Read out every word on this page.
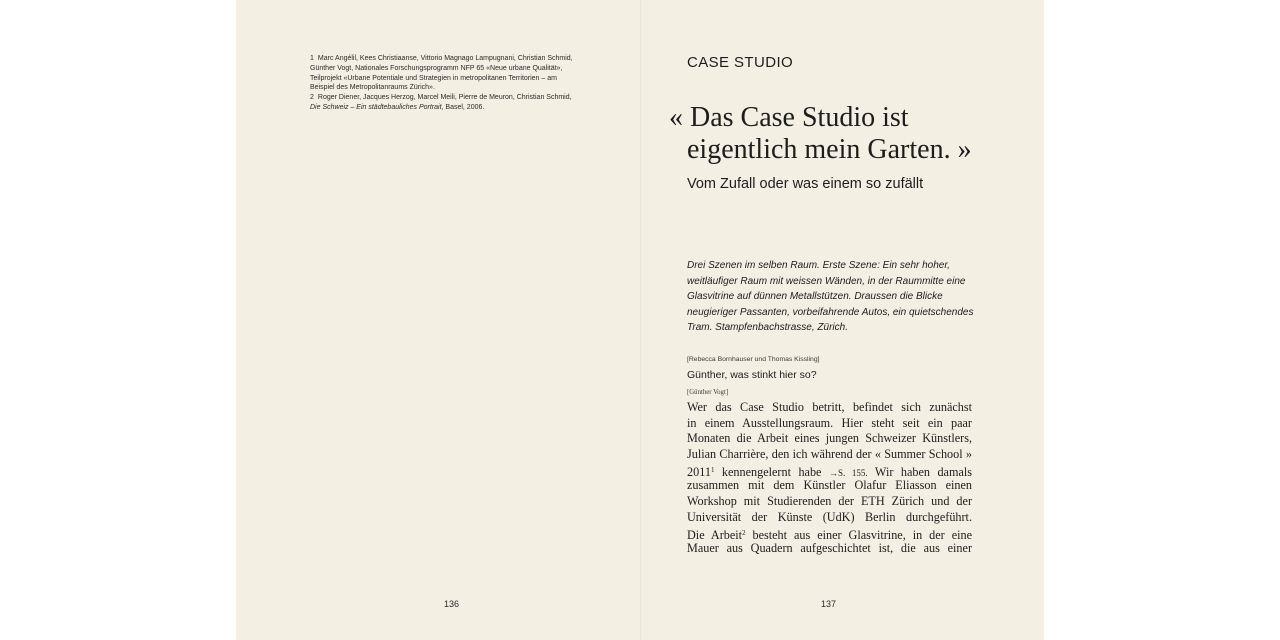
1 Marc Angélil, Kees Christiaanse, Vittorio Magnago Lampugnani, Christian Schmid,
Günther Vogt, Nationales Forschungsprogramm NFP 65 «Neue urbane Qualität»,
Teilprojekt «Urbane Potentiale und Strategien in metropolitanen Territorien – am
Beispiel des Metropolitanraums Zürich».

2 Roger Diener, Jacques Herzog, Marcel Meili, Pierre de Meuron, Christian Schmid,
Die Schweiz – Ein städtebauliches Portrait, Basel, 2006.

136
CASE STUDIO
« Das Case Studio ist
eigentlich mein Garten. »
Vom Zufall oder was einem so zufällt

Drei Szenen im selben Raum. Erste Szene: Ein sehr hoher,
weitläufiger Raum mit weissen Wänden, in der Raummitte eine
Glasvitrine auf dünnen Metallstützen. Draussen die Blicke
neugieriger Passanten, vorbeifahrende Autos, ein quietschendes
Tram. Stampfenbachstrasse, Zürich.

[Rebecca Bornhauser und Thomas Kissling]
Günther, was stinkt hier so?
[Günther Vogt]
Wer das Case Studio betritt, befindet sich zunächst
in einem Ausstellungsraum. Hier steht seit ein paar
Monaten die Arbeit eines jungen Schweizer Künstlers,
Julian Charrière, den ich während der « Summer School »
2011$^1$ kennengelernt habe →S. 155. Wir haben damals
zusammen mit dem Künstler Olafur Eliasson einen
Workshop mit Studierenden der ETH Zürich und der
Universität der Künste (UdK) Berlin durchgeführt.
Die Arbeit$^2$ besteht aus einer Glasvitrine, in der eine
Mauer aus Quadern aufgeschichtet ist, die aus einer
137
